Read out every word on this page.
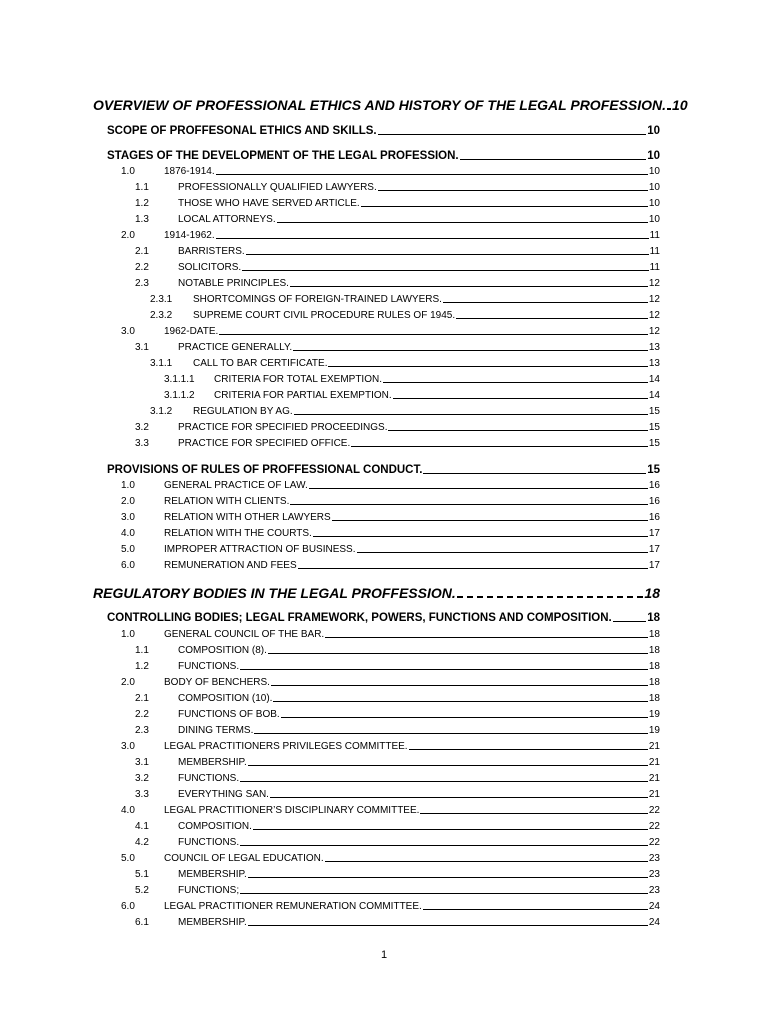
OVERVIEW OF PROFESSIONAL ETHICS AND HISTORY OF THE LEGAL PROFESSION. 10
SCOPE OF PROFFESONAL ETHICS AND SKILLS.	10
STAGES OF THE DEVELOPMENT OF THE LEGAL PROFESSION.	10
1.0	1876-1914.	10
1.1	PROFESSIONALLY QUALIFIED LAWYERS.	10
1.2	THOSE WHO HAVE SERVED ARTICLE.	10
1.3	LOCAL ATTORNEYS.	10
2.0	1914-1962.	11
2.1	BARRISTERS.	11
2.2	SOLICITORS.	11
2.3	NOTABLE PRINCIPLES.	12
2.3.1	SHORTCOMINGS OF FOREIGN-TRAINED LAWYERS.	12
2.3.2	SUPREME COURT CIVIL PROCEDURE RULES OF 1945.	12
3.0	1962-DATE.	12
3.1	PRACTICE GENERALLY.	13
3.1.1	CALL TO BAR CERTIFICATE.	13
3.1.1.1	CRITERIA FOR TOTAL EXEMPTION.	14
3.1.1.2	CRITERIA FOR PARTIAL EXEMPTION.	14
3.1.2	REGULATION BY AG.	15
3.2	PRACTICE FOR SPECIFIED PROCEEDINGS.	15
3.3	PRACTICE FOR SPECIFIED OFFICE.	15
PROVISIONS OF RULES OF PROFFESSIONAL CONDUCT.	15
1.0	GENERAL PRACTICE OF LAW.	16
2.0	RELATION WITH CLIENTS.	16
3.0	RELATION WITH OTHER LAWYERS	16
4.0	RELATION WITH THE COURTS.	17
5.0	IMPROPER ATTRACTION OF BUSINESS.	17
6.0	REMUNERATION AND FEES	17
REGULATORY BODIES IN THE LEGAL PROFFESSION.	18
CONTROLLING BODIES; LEGAL FRAMEWORK, POWERS, FUNCTIONS AND COMPOSITION.	18
1.0	GENERAL COUNCIL OF THE BAR.	18
1.1	COMPOSITION (8).	18
1.2	FUNCTIONS.	18
2.0	BODY OF BENCHERS.	18
2.1	COMPOSITION (10).	18
2.2	FUNCTIONS OF BOB.	19
2.3	DINING TERMS.	19
3.0	LEGAL PRACTITIONERS PRIVILEGES COMMITTEE.	21
3.1	MEMBERSHIP.	21
3.2	FUNCTIONS.	21
3.3	EVERYTHING SAN.	21
4.0	LEGAL PRACTITIONER’S DISCIPLINARY COMMITTEE.	22
4.1	COMPOSITION.	22
4.2	FUNCTIONS.	22
5.0	COUNCIL OF LEGAL EDUCATION.	23
5.1	MEMBERSHIP.	23
5.2	FUNCTIONS;	23
6.0	LEGAL PRACTITIONER REMUNERATION COMMITTEE.	24
6.1	MEMBERSHIP.	24
1
